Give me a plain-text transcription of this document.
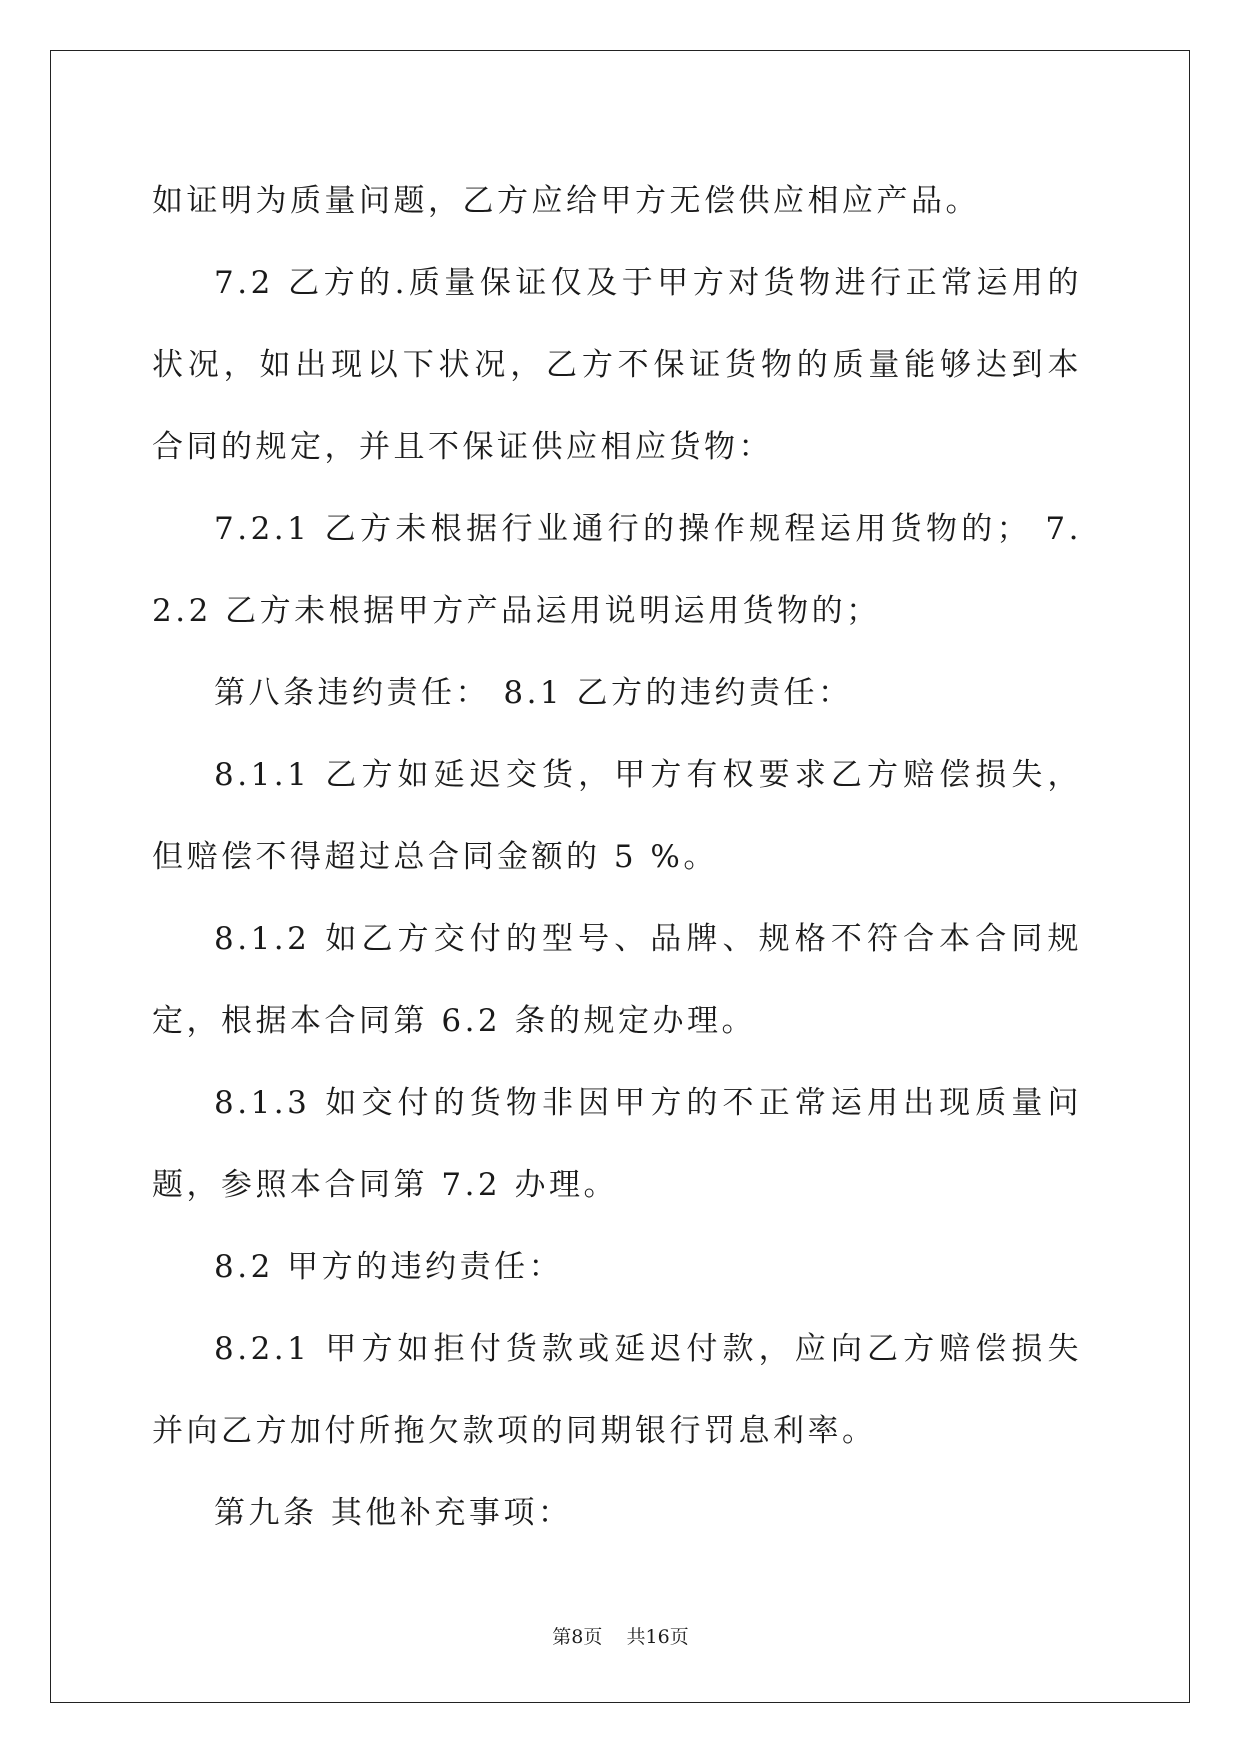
如证明为质量问题，乙方应给甲方无偿供应相应产品。

7.2 乙方的.质量保证仅及于甲方对货物进行正常运用的状况，如出现以下状况，乙方不保证货物的质量能够达到本合同的规定，并且不保证供应相应货物：

7.2.1 乙方未根据行业通行的操作规程运用货物的； 7.2.2 乙方未根据甲方产品运用说明运用货物的；

第八条违约责任： 8.1 乙方的违约责任：

8.1.1 乙方如延迟交货，甲方有权要求乙方赔偿损失，但赔偿不得超过总合同金额的 5 %。

8.1.2 如乙方交付的型号、品牌、规格不符合本合同规定，根据本合同第 6.2 条的规定办理。

8.1.3 如交付的货物非因甲方的不正常运用出现质量问题，参照本合同第 7.2 办理。

8.2 甲方的违约责任：

8.2.1 甲方如拒付货款或延迟付款，应向乙方赔偿损失并向乙方加付所拖欠款项的同期银行罚息利率。

第九条 其他补充事项：

第8页 共16页
